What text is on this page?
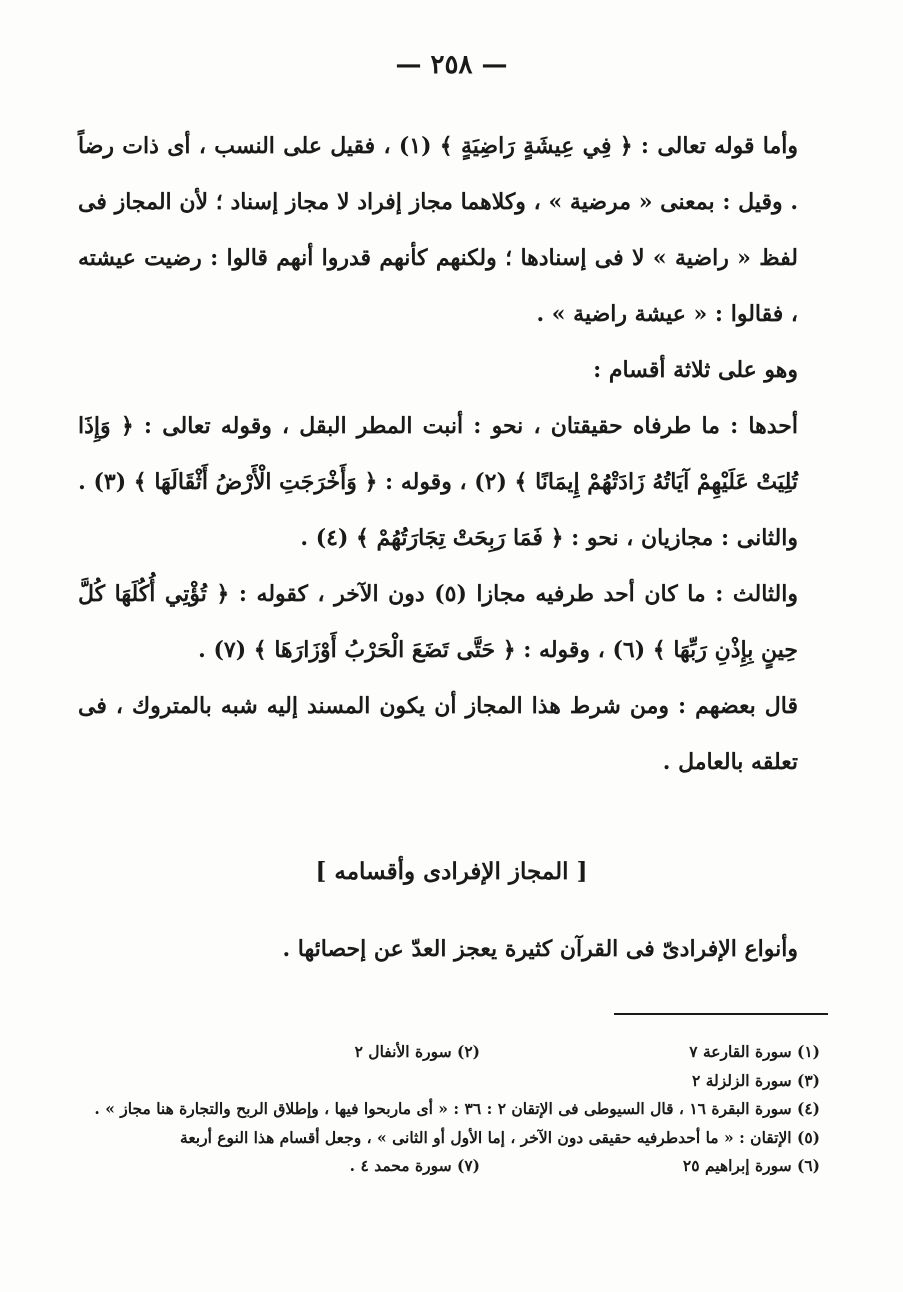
— ٢٥٨ —

وأما قوله تعالى : ﴿ فِي عِيشَةٍ رَاضِيَةٍ ﴾ (١) ، فقيل على النسب ، أى ذات رضاً . وقيل : بمعنى « مرضية » ، وكلاهما مجاز إفراد لا مجاز إسناد ؛ لأن المجاز فى لفظ « راضية » لا فى إسنادها ؛ ولكنهم كأنهم قدروا أنهم قالوا : رضيت عيشته ، فقالوا : « عيشة راضية » .

وهو على ثلاثة أقسام :

أحدها : ما طرفاه حقيقتان ، نحو : أنبت المطر البقل ، وقوله تعالى : ﴿ وَإِذَا تُلِيَتْ عَلَيْهِمْ آيَاتُهُ زَادَتْهُمْ إِيمَانًا ﴾ (٢) ، وقوله : ﴿ وَأَخْرَجَتِ الْأَرْضُ أَثْقَالَهَا ﴾ (٣) .

والثانى : مجازيان ، نحو : ﴿ فَمَا رَبِحَتْ تِجَارَتُهُمْ ﴾ (٤) .

والثالث : ما كان أحد طرفيه مجازا (٥) دون الآخر ، كقوله : ﴿ تُؤْتِي أُكُلَهَا كُلَّ حِينٍ بِإِذْنِ رَبِّهَا ﴾ (٦) ، وقوله : ﴿ حَتَّى تَضَعَ الْحَرْبُ أَوْزَارَهَا ﴾ (٧) .

قال بعضهم : ومن شرط هذا المجاز أن يكون المسند إليه شبه بالمتروك ، فى تعلقه بالعامل .

[ المجاز الإفرادى وأقسامه ]
وأنواع الإفرادىّ فى القرآن كثيرة يعجز العدّ عن إحصائها .
(١) سورة القارعة ٧
(٢) سورة الأنفال ٢
(٣) سورة الزلزلة ٢
(٤) سورة البقرة ١٦ ، قال السيوطى فى الإتقان ٢ : ٣٦ : « أى ماربحوا فيها ، وإطلاق الربح والتجارة هنا مجاز » .
(٥) الإتقان : « ما أحدطرفيه حقيقى دون الآخر ، إما الأول أو الثانى » ، وجعل أقسام هذا النوع أربعة
(٦) سورة إبراهيم ٢٥
(٧) سورة محمد ٤ .
